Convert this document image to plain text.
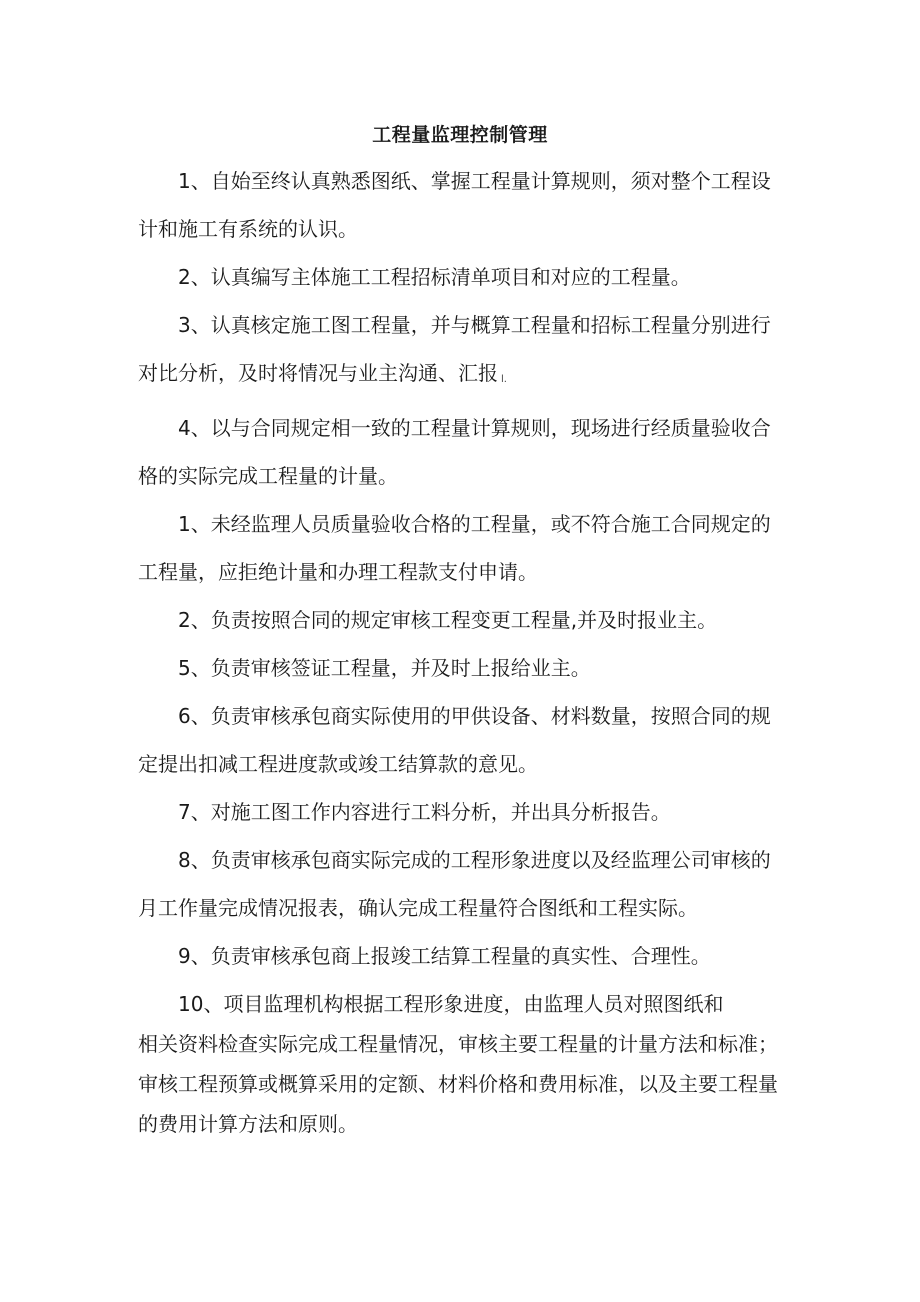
工程量监理控制管理
1、自始至终认真熟悉图纸、掌握工程量计算规则，须对整个工程设
计和施工有系统的认识。
2、认真编写主体施工工程招标清单项目和对应的工程量。
3、认真核定施工图工程量，并与概算工程量和招标工程量分别进行
对比分析，及时将情况与业主沟通、汇报 l.
4、以与合同规定相一致的工程量计算规则，现场进行经质量验收合
格的实际完成工程量的计量。
1、未经监理人员质量验收合格的工程量，或不符合施工合同规定的
工程量，应拒绝计量和办理工程款支付申请。
2、负责按照合同的规定审核工程变更工程量,并及时报业主。
5、负责审核签证工程量，并及时上报给业主。
6、负责审核承包商实际使用的甲供设备、材料数量，按照合同的规
定提出扣减工程进度款或竣工结算款的意见。
7、对施工图工作内容进行工料分析，并出具分析报告。
8、负责审核承包商实际完成的工程形象进度以及经监理公司审核的
月工作量完成情况报表，确认完成工程量符合图纸和工程实际。
9、负责审核承包商上报竣工结算工程量的真实性、合理性。
10、项目监理机构根据工程形象进度，由监理人员对照图纸和
相关资料检查实际完成工程量情况，审核主要工程量的计量方法和标准；
审核工程预算或概算采用的定额、材料价格和费用标准，以及主要工程量
的费用计算方法和原则。
